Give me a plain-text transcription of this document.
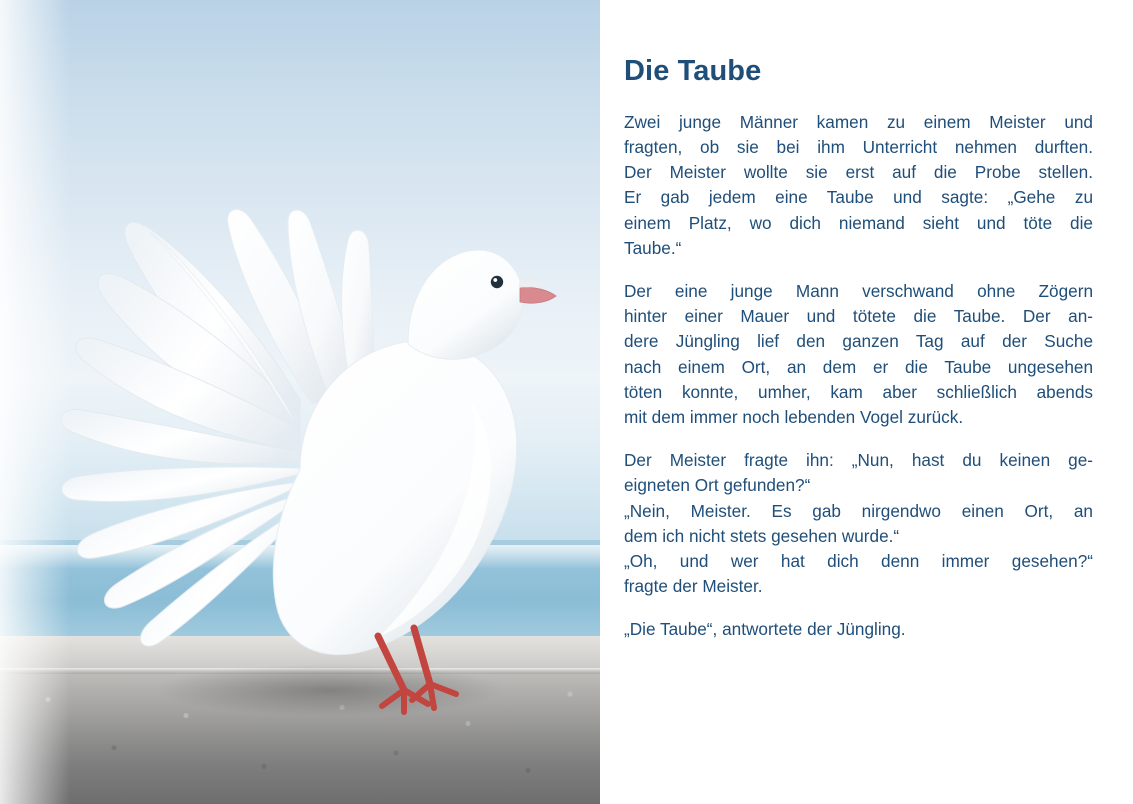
Die Taube

Zwei junge Männer kamen zu einem Meister und
fragten, ob sie bei ihm Unterricht nehmen durften.
Der Meister wollte sie erst auf die Probe stellen.
Er gab jedem eine Taube und sagte: „Gehe zu
einem Platz, wo dich niemand sieht und töte die
Taube.“

Der eine junge Mann verschwand ohne Zögern
hinter einer Mauer und tötete die Taube. Der an-
dere Jüngling lief den ganzen Tag auf der Suche
nach einem Ort, an dem er die Taube ungesehen
töten konnte, umher, kam aber schließlich abends
mit dem immer noch lebenden Vogel zurück.

Der Meister fragte ihn: „Nun, hast du keinen ge-
eigneten Ort gefunden?“
„Nein, Meister. Es gab nirgendwo einen Ort, an
dem ich nicht stets gesehen wurde.“
„Oh, und wer hat dich denn immer gesehen?“
fragte der Meister.

„Die Taube“, antwortete der Jüngling.
